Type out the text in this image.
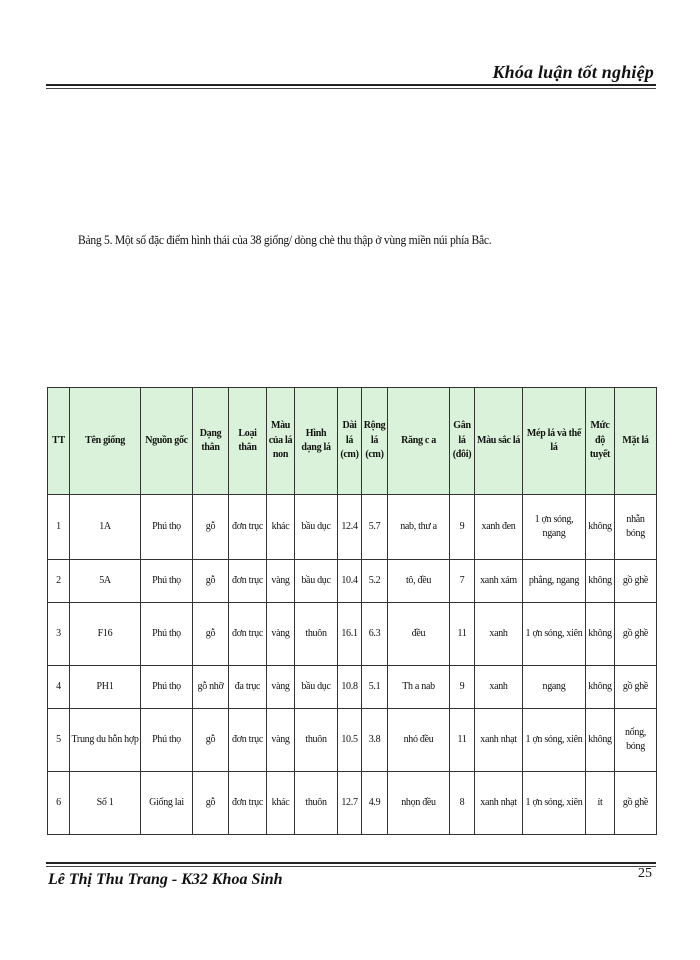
Khóa luận tốt nghiệp
Bảng 5. Một số đặc điểm hình thái của 38 giống/ dòng chè thu thập ở vùng miền núi phía Bắc.
TT	Tên giống	Nguồn gốc	Dạng thân	Loại thân	Màu của lá non	Hình dạng lá	Dài lá (cm)	Rộng lá (cm)	Răng c a	Gân lá (đôi)	Màu sắc lá	Mép lá và thế lá	Mức độ tuyết	Mặt lá
1	1A	Phú thọ	gỗ	đơn trục	khác	bầu dục	12.4	5.7	nab, thư a	9	xanh đen	1 ợn sóng, ngang	không	nhẵn bóng
2	5A	Phú thọ	gỗ	đơn trục	vàng	bầu dục	10.4	5.2	tô, đều	7	xanh xám	phẳng, ngang	không	gồ ghề
3	F16	Phú thọ	gỗ	đơn trục	vàng	thuôn	16.1	6.3	đều	11	xanh	1 ợn sóng, xiên	không	gồ ghề
4	PH1	Phú thọ	gỗ nhỡ	đa trục	vàng	bầu dục	10.8	5.1	Th a nab	9	xanh	ngang	không	gồ ghề
5	Trung du hỗn hợp	Phú thọ	gỗ	đơn trục	vàng	thuôn	10.5	3.8	nhỏ đều	11	xanh nhạt	1 ợn sóng, xiên	không	nổng, bóng
6	Số 1	Giống lai	gỗ	đơn trục	khác	thuôn	12.7	4.9	nhọn đều	8	xanh nhạt	1 ợn sóng, xiên	ít	gồ ghề
Lê Thị Thu Trang - K32 Khoa Sinh	25
